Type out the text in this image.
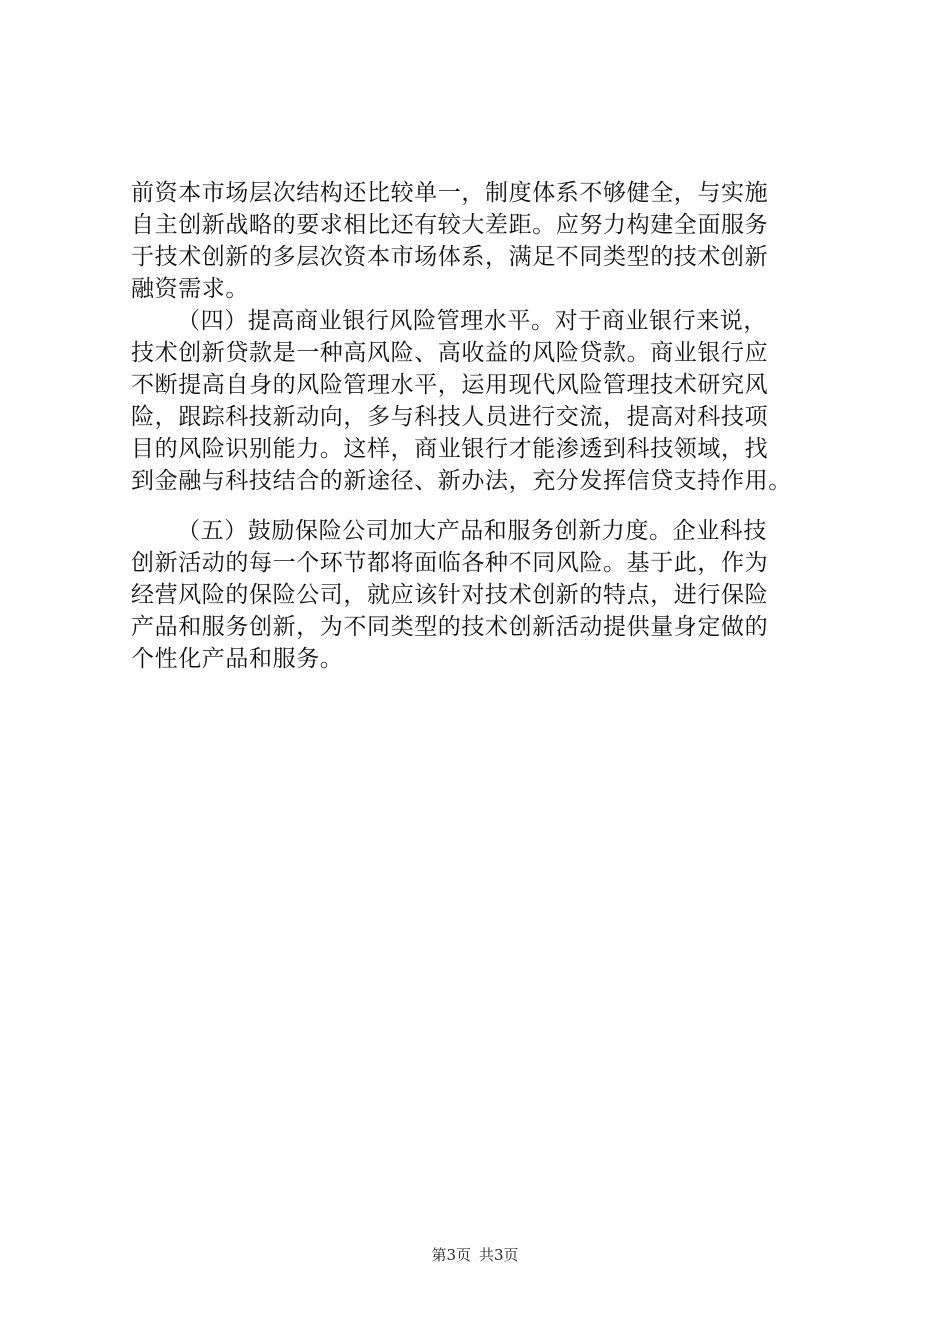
前资本市场层次结构还比较单一，制度体系不够健全，与实施
自主创新战略的要求相比还有较大差距。应努力构建全面服务
于技术创新的多层次资本市场体系，满足不同类型的技术创新
融资需求。
（四）提高商业银行风险管理水平。对于商业银行来说，
技术创新贷款是一种高风险、高收益的风险贷款。商业银行应
不断提高自身的风险管理水平，运用现代风险管理技术研究风
险，跟踪科技新动向，多与科技人员进行交流，提高对科技项
目的风险识别能力。这样，商业银行才能渗透到科技领域，找
到金融与科技结合的新途径、新办法，充分发挥信贷支持作用。
（五）鼓励保险公司加大产品和服务创新力度。企业科技
创新活动的每一个环节都将面临各种不同风险。基于此，作为
经营风险的保险公司，就应该针对技术创新的特点，进行保险
产品和服务创新，为不同类型的技术创新活动提供量身定做的
个性化产品和服务。
第3页 共3页
